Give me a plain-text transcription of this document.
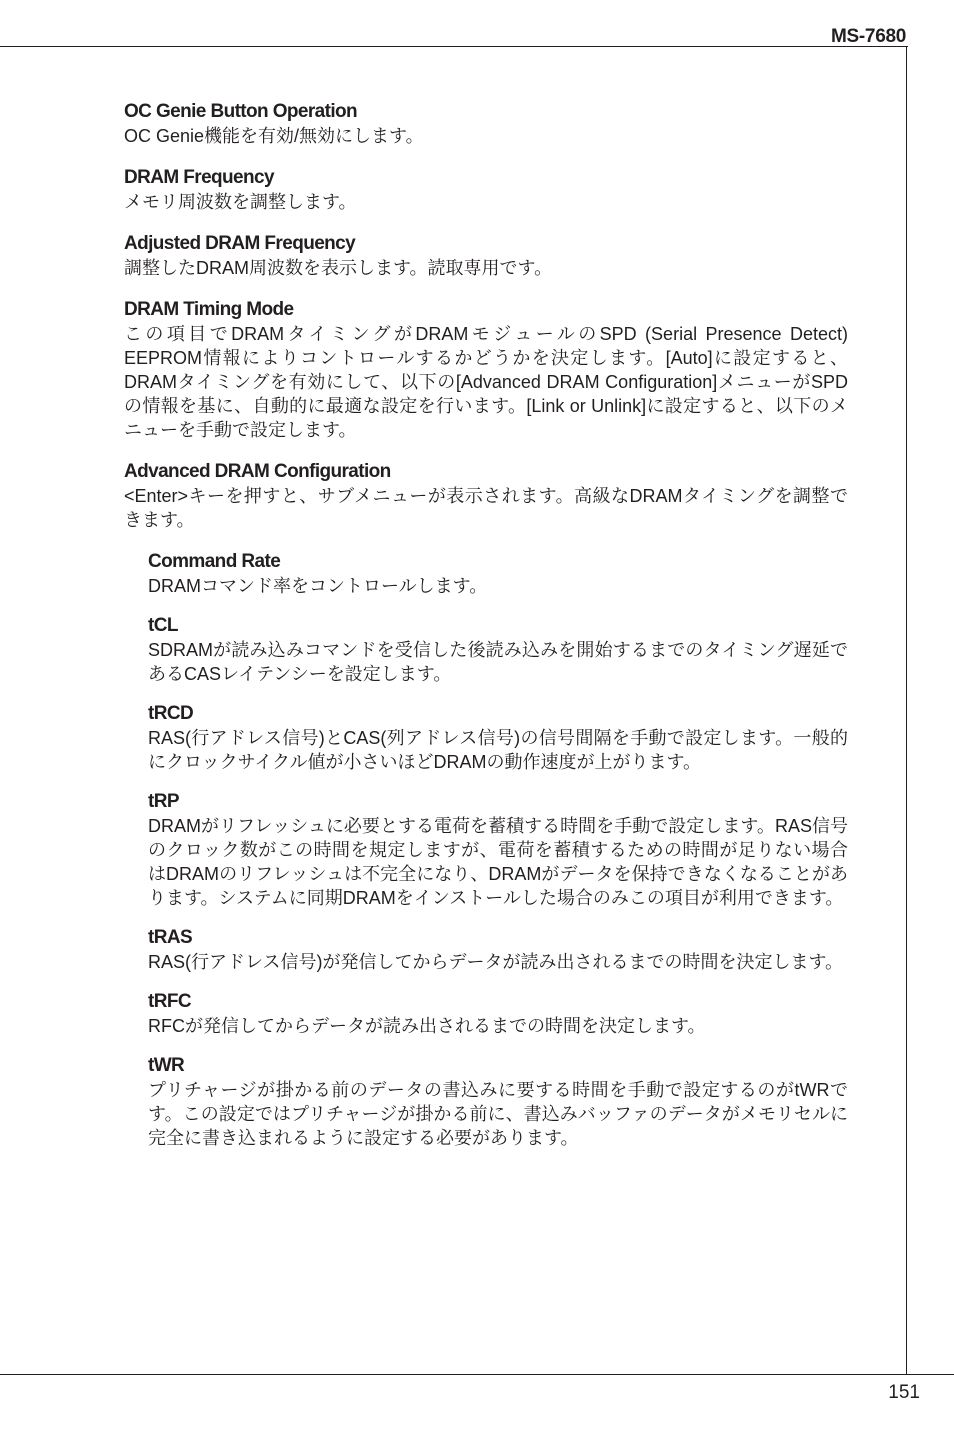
MS-7680
OC Genie Button Operation
OC Genie機能を有効/無効にします。
DRAM Frequency
メモリ周波数を調整します。
Adjusted DRAM Frequency
調整したDRAM周波数を表示します。読取専用です。
DRAM Timing Mode
この項目でDRAMタイミングがDRAMモジュールのSPD (Serial Presence Detect) EEPROM情報によりコントロールするかどうかを決定します。[Auto]に設定すると、DRAMタイミングを有効にして、以下の[Advanced DRAM Configuration]メニューがSPDの情報を基に、自動的に最適な設定を行います。[Link or Unlink]に設定すると、以下のメニューを手動で設定します。
Advanced DRAM Configuration
<Enter>キーを押すと、サブメニューが表示されます。高級なDRAMタイミングを調整できます。
Command Rate
DRAMコマンド率をコントロールします。
tCL
SDRAMが読み込みコマンドを受信した後読み込みを開始するまでのタイミング遅延であるCASレイテンシーを設定します。
tRCD
RAS(行アドレス信号)とCAS(列アドレス信号)の信号間隔を手動で設定します。一般的にクロックサイクル値が小さいほどDRAMの動作速度が上がります。
tRP
DRAMがリフレッシュに必要とする電荷を蓄積する時間を手動で設定します。RAS信号のクロック数がこの時間を規定しますが、電荷を蓄積するための時間が足りない場合はDRAMのリフレッシュは不完全になり、DRAMがデータを保持できなくなることがあります。システムに同期DRAMをインストールした場合のみこの項目が利用できます。
tRAS
RAS(行アドレス信号)が発信してからデータが読み出されるまでの時間を決定します。
tRFC
RFCが発信してからデータが読み出されるまでの時間を決定します。
tWR
プリチャージが掛かる前のデータの書込みに要する時間を手動で設定するのがtWRです。この設定ではプリチャージが掛かる前に、書込みバッファのデータがメモリセルに完全に書き込まれるように設定する必要があります。
151
